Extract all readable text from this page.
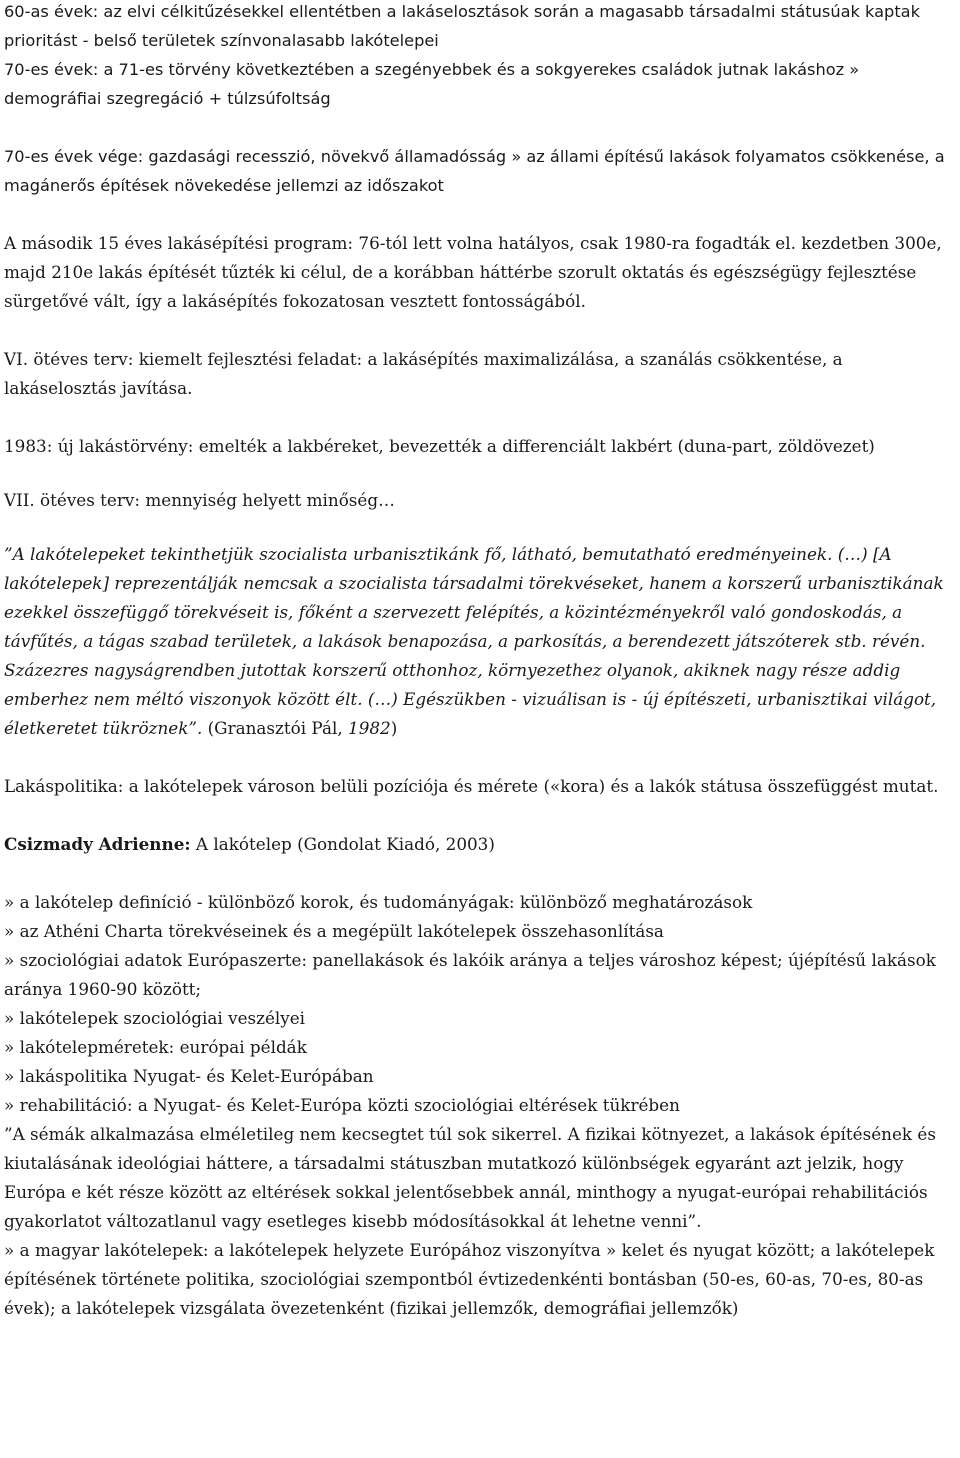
60-as évek: az elvi célkitűzésekkel ellentétben a lakáselosztások során a magasabb társadalmi státusúak kaptak prioritást - belső területek színvonalasabb lakótelepei

70-es évek: a 71-es törvény következtében a szegényebbek és a sokgyerekes családok jutnak lakáshoz » demográfiai szegregáció + túlzsúfoltság

70-es évek vége: gazdasági recesszió, növekvő államadósság » az állami építésű lakások folyamatos csökkenése, a magánerős építések növekedése jellemzi az időszakot

A második 15 éves lakásépítési program: 76-tól lett volna hatályos, csak 1980-ra fogadták el. kezdetben 300e, majd 210e lakás építését tűzték ki célul, de a korábban háttérbe szorult oktatás és egészségügy fejlesztése sürgetővé vált, így a lakásépítés fokozatosan vesztett fontosságából.

VI. ötéves terv: kiemelt fejlesztési feladat: a lakásépítés maximalizálása, a szanálás csökkentése, a lakáselosztás javítása.

1983: új lakástörvény: emelték a lakbéreket, bevezették a differenciált lakbért (duna-part, zöldövezet)

VII. ötéves terv: mennyiség helyett minőség…

”A lakótelepeket tekinthetjük szocialista urbanisztikánk fő, látható, bemutatható eredményeinek. (…) [A lakótelepek] reprezentálják nemcsak a szocialista társadalmi törekvéseket, hanem a korszerű urbanisztikának ezekkel összefüggő törekvéseit is, főként a szervezett felépítés, a közintézményekről való gondoskodás, a távfűtés, a tágas szabad területek, a lakások benapozása, a parkosítás, a berendezett játszóterek stb. révén. Százezres nagyságrendben jutottak korszerű otthonhoz, környezethez olyanok, akiknek nagy része addig emberhez nem méltó viszonyok között élt. (…) Egészükben - vizuálisan is - új építészeti, urbanisztikai világot, életkeretet tükröznek”. (Granasztói Pál, 1982)

Lakáspolitika: a lakótelepek városon belüli pozíciója és mérete («kora) és a lakók státusa összefüggést mutat.

Csizmady Adrienne: A lakótelep (Gondolat Kiadó, 2003)

» a lakótelep definíció - különböző korok, és tudományágak: különböző meghatározások

» az Athéni Charta törekvéseinek és a megépült lakótelepek összehasonlítása

» szociológiai adatok Európaszerte: panellakások és lakóik aránya a teljes városhoz képest; újépítésű lakások aránya 1960-90 között;

» lakótelepek szociológiai veszélyei

» lakótelepméretek: európai példák

» lakáspolitika Nyugat- és Kelet-Európában

» rehabilitáció: a Nyugat- és Kelet-Európa közti szociológiai eltérések tükrében

”A sémák alkalmazása elméletileg nem kecsegtet túl sok sikerrel. A fizikai kötnyezet, a lakások építésének és kiutalásának ideológiai háttere, a társadalmi státuszban mutatkozó különbségek egyaránt azt jelzik, hogy Európa e két része között az eltérések sokkal jelentősebbek annál, minthogy a nyugat-európai rehabilitációs gyakorlatot változatlanul vagy esetleges kisebb módosításokkal át lehetne venni”.

» a magyar lakótelepek: a lakótelepek helyzete Európához viszonyítva » kelet és nyugat között; a lakótelepek építésének története politika, szociológiai szempontból évtizedenkénti bontásban (50-es, 60-as, 70-es, 80-as évek); a lakótelepek vizsgálata övezetenként (fizikai jellemzők, demográfiai jellemzők)
